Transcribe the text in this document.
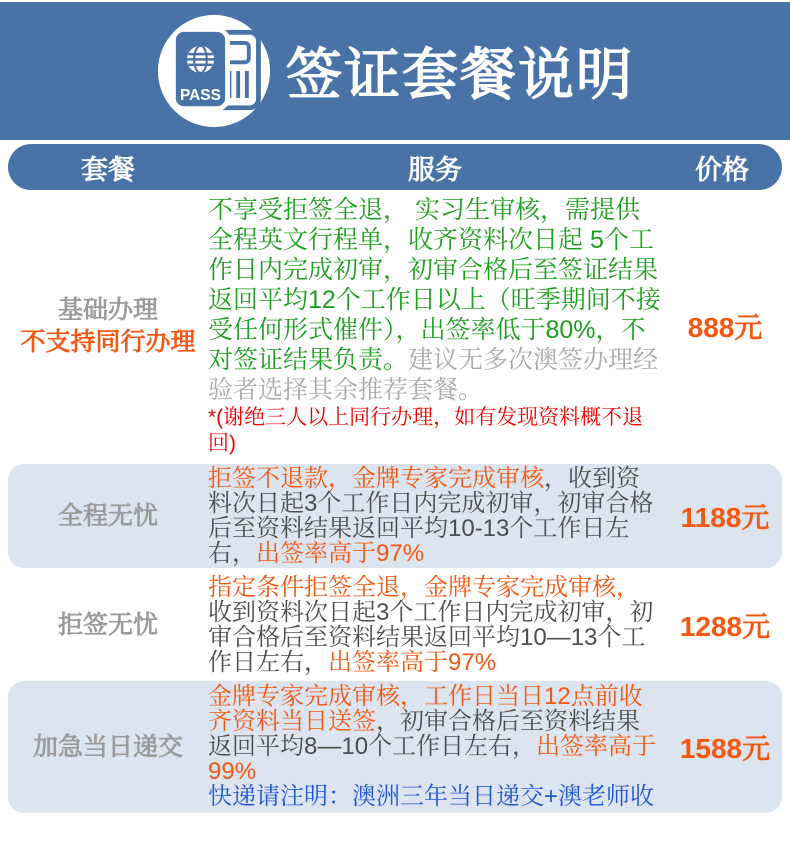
PASS 签证套餐说明
套餐	服务	价格
基础办理
不支持同行办理
不享受拒签全退， 实习生审核，需提供全程英文行程单，收齐资料次日起 5个工作日内完成初审，初审合格后至签证结果返回平均12个工作日以上（旺季期间不接受任何形式催件），出签率低于80%，不对签证结果负责。建议无多次澳签办理经验者选择其余推荐套餐。
*(谢绝三人以上同行办理，如有发现资料概不退回)
888元
全程无忧
拒签不退款，金牌专家完成审核，收到资料次日起3个工作日内完成初审，初审合格后至资料结果返回平均10-13个工作日左右，出签率高于97%
1188元
拒签无忧
指定条件拒签全退，金牌专家完成审核，收到资料次日起3个工作日内完成初审，初审合格后至资料结果返回平均10—13个工作日左右，出签率高于97%
1288元
加急当日递交
金牌专家完成审核，工作日当日12点前收齐资料当日送签，初审合格后至资料结果返回平均8—10个工作日左右，出签率高于99%
快递请注明：澳洲三年当日递交+澳老师收
1588元
